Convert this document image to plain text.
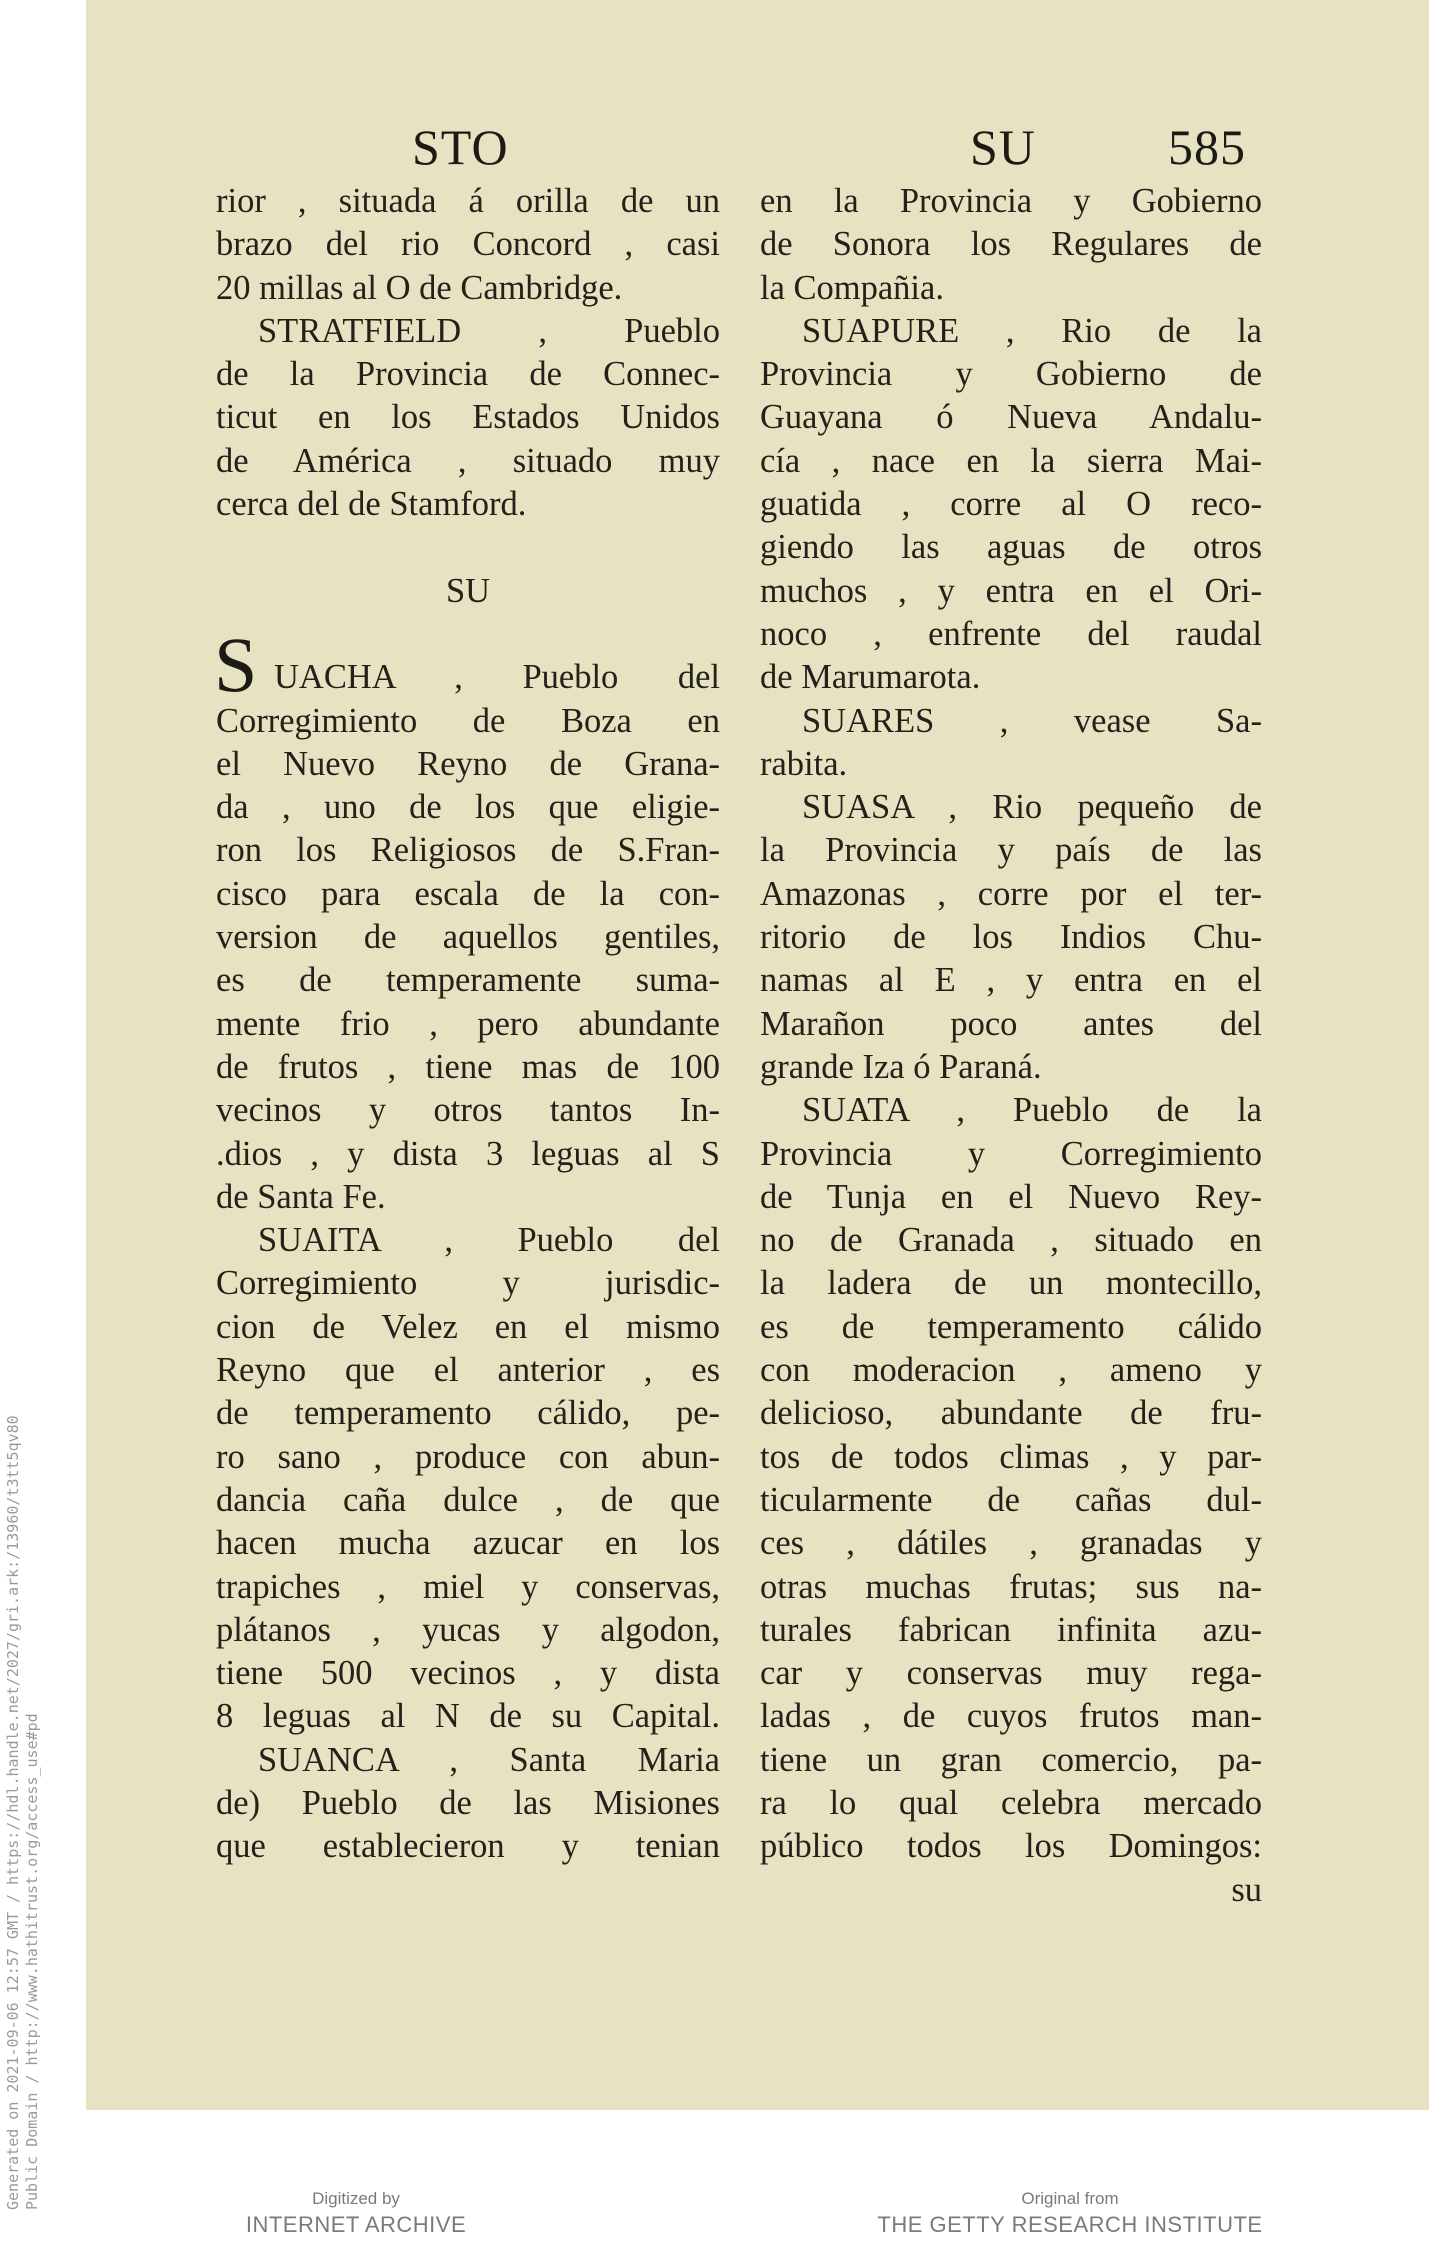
Generated on 2021-09-06 12:57 GMT / https://hdl.handle.net/2027/gri.ark:/13960/t3tt5qv80 Public Domain / http://www.hathitrust.org/access_use#pd
STO	SU	585
rior , situada á orilla de un
brazo del rio Concord , casi
20 millas al O de Cambridge.
STRATFIELD , Pueblo
de la Provincia de Connec-
ticut en los Estados Unidos
de América , situado muy
cerca del de Stamford.
SU
S UACHA , Pueblo del
Corregimiento de Boza en
el Nuevo Reyno de Grana-
da , uno de los que eligie-
ron los Religiosos de S.Fran-
cisco para escala de la con-
version de aquellos gentiles,
es de temperamente suma-
mente frio , pero abundante
de frutos , tiene mas de 100
vecinos y otros tantos In-
.dios , y dista 3 leguas al S
de Santa Fe.
SUAITA , Pueblo del
Corregimiento y jurisdic-
cion de Velez en el mismo
Reyno que el anterior , es
de temperamento cálido, pe-
ro sano , produce con abun-
dancia caña dulce , de que
hacen mucha azucar en los
trapiches , miel y conservas,
plátanos , yucas y algodon,
tiene 500 vecinos , y dista
8 leguas al N de su Capital.
SUANCA , Santa Maria
de) Pueblo de las Misiones
que establecieron y tenian
en la Provincia y Gobierno
de Sonora los Regulares de
la Compañia.
SUAPURE , Rio de la
Provincia y Gobierno de
Guayana ó Nueva Andalu-
cía , nace en la sierra Mai-
guatida , corre al O reco-
giendo las aguas de otros
muchos , y entra en el Ori-
noco , enfrente del raudal
de Marumarota.
SUARES , vease Sa-
rabita.
SUASA , Rio pequeño de
la Provincia y país de las
Amazonas , corre por el ter-
ritorio de los Indios Chu-
namas al E , y entra en el
Marañon poco antes del
grande Iza ó Paraná.
SUATA , Pueblo de la
Provincia y Corregimiento
de Tunja en el Nuevo Rey-
no de Granada , situado en
la ladera de un montecillo,
es de temperamento cálido
con moderacion , ameno y
delicioso, abundante de fru-
tos de todos climas , y par-
ticularmente de cañas dul-
ces , dátiles , granadas y
otras muchas frutas; sus na-
turales fabrican infinita azu-
car y conservas muy rega-
ladas , de cuyos frutos man-
tiene un gran comercio, pa-
ra lo qual celebra mercado
público todos los Domingos:
su
Digitized by
INTERNET ARCHIVE
Original from
THE GETTY RESEARCH INSTITUTE
